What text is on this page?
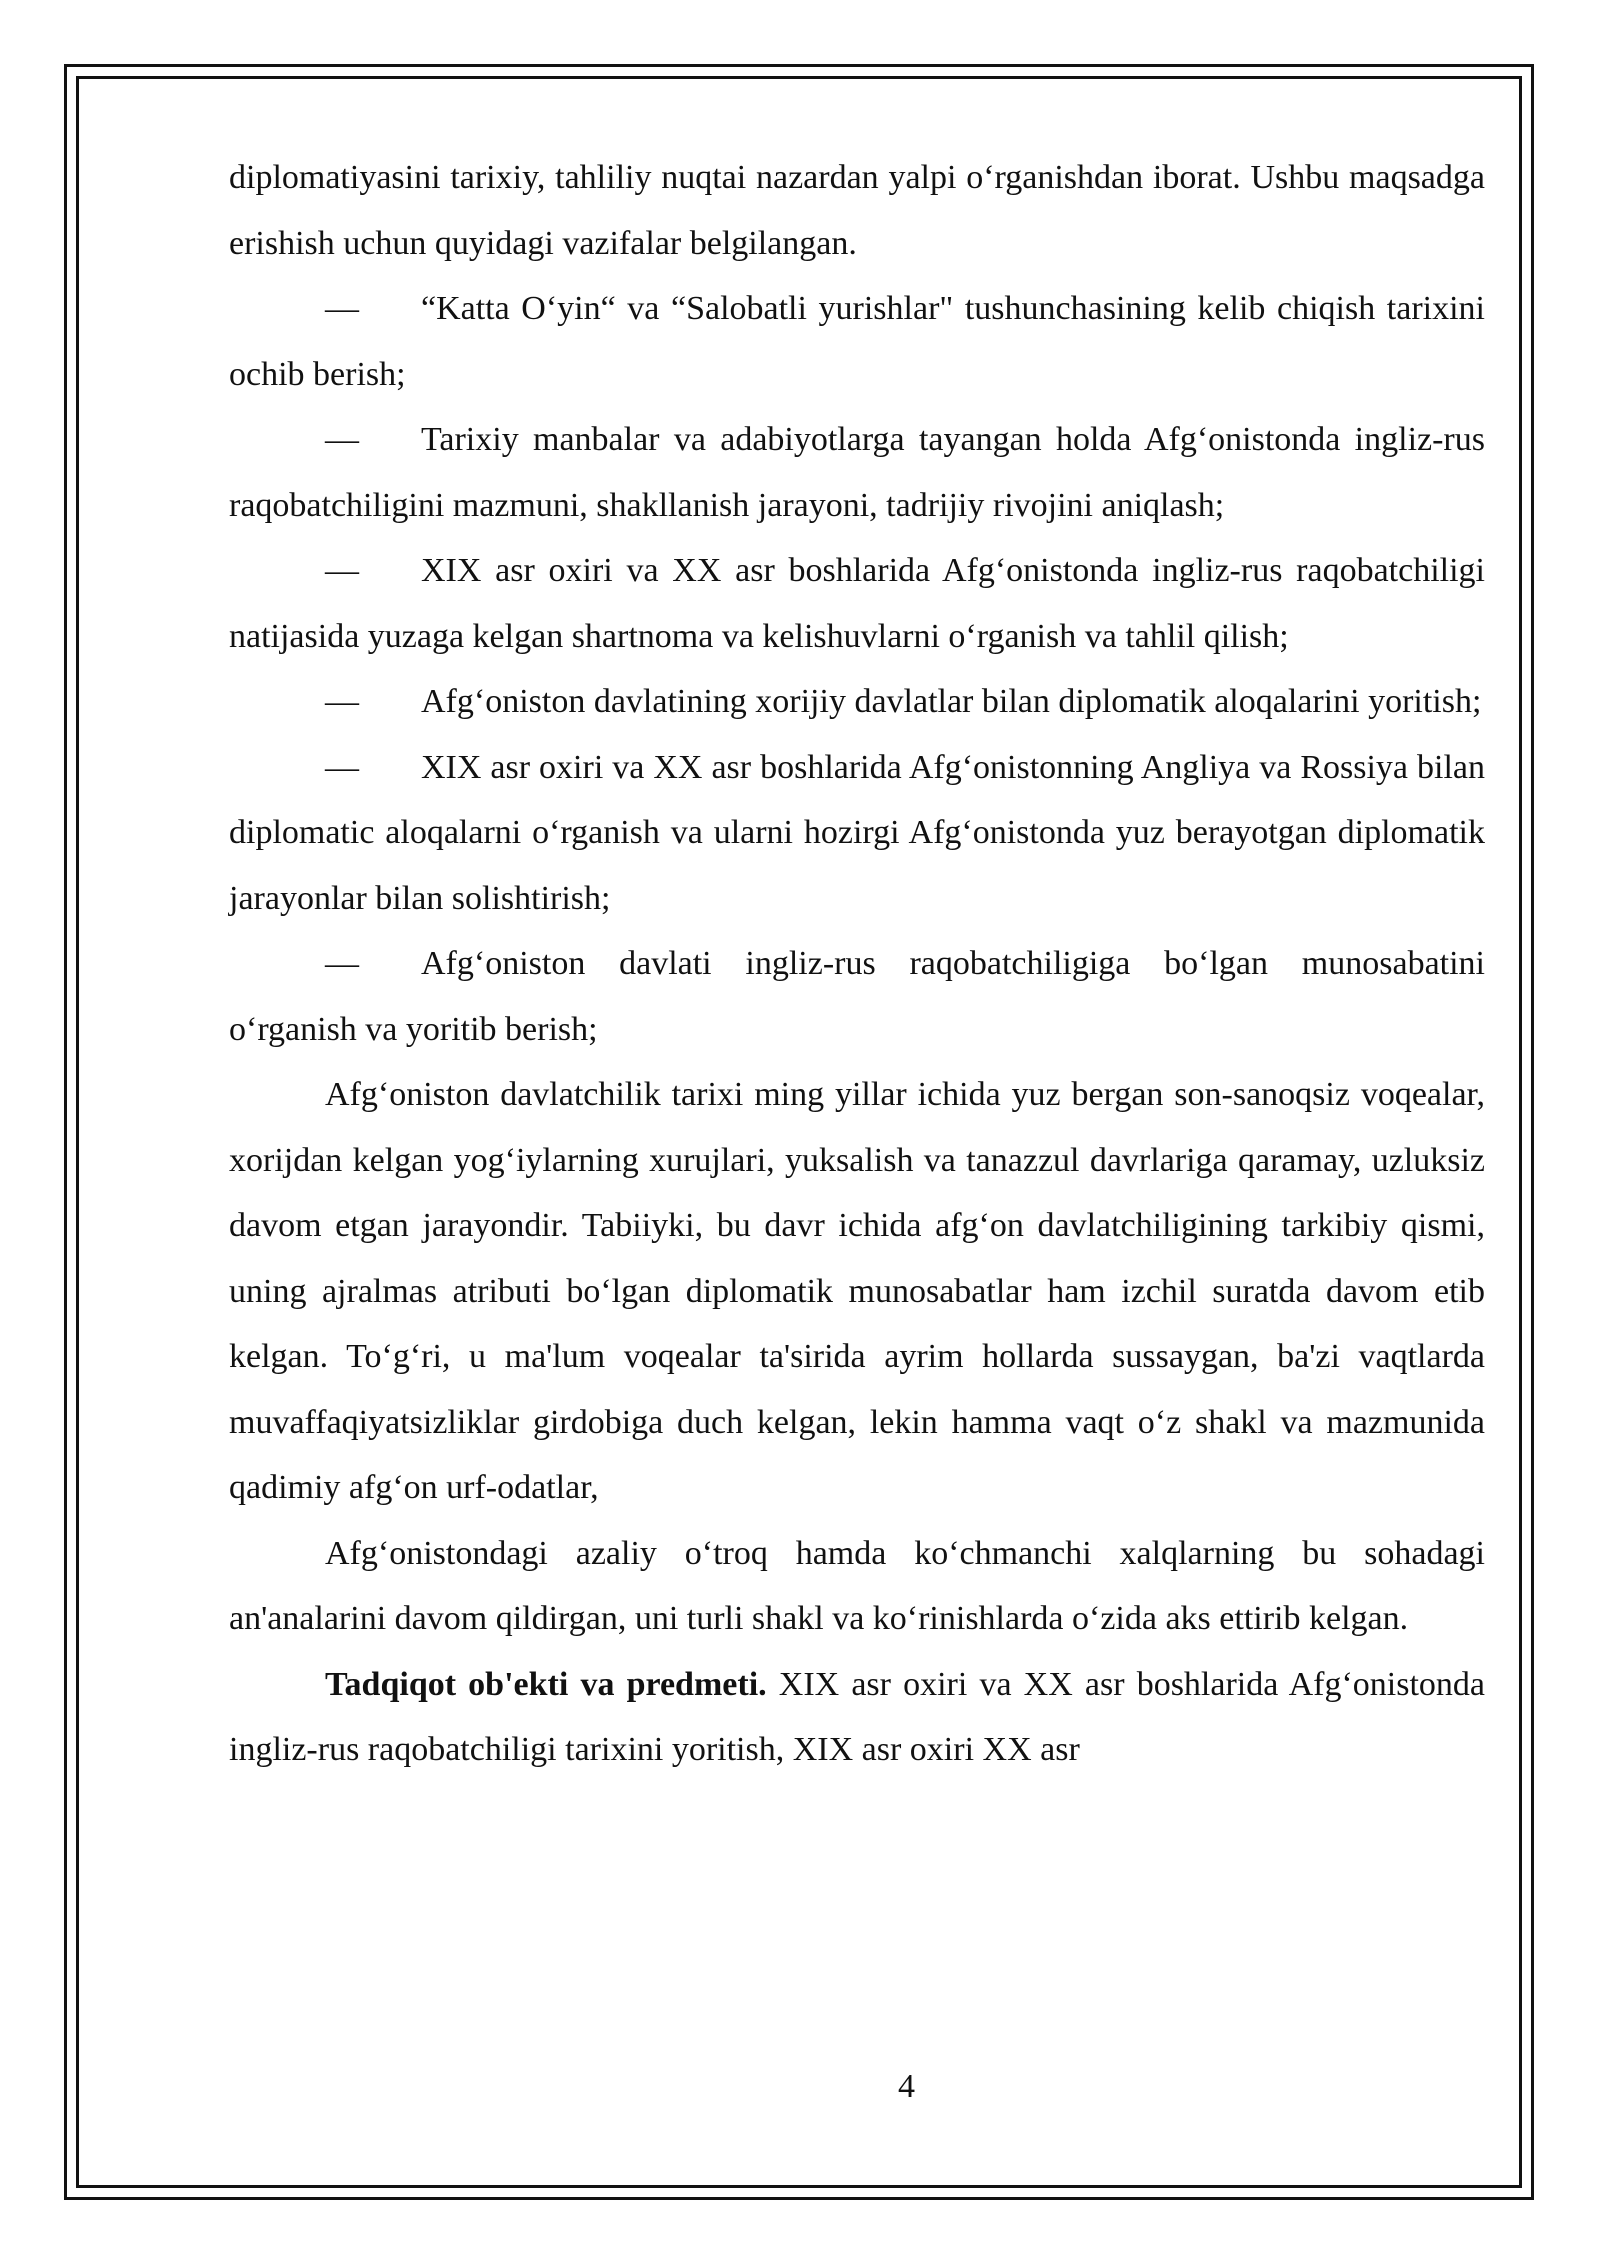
diplomatiyasini tarixiy, tahliliy nuqtai nazardan yalpi o‘rganishdan iborat. Ushbu maqsadga erishish uchun quyidagi vazifalar belgilangan.

— “Katta O‘yin“ va “Salobatli yurishlar" tushunchasining kelib chiqish tarixini ochib berish;

— Tarixiy manbalar va adabiyotlarga tayangan holda Afg‘onistonda ingliz-rus raqobatchiligini mazmuni, shakllanish jarayoni, tadrijiy rivojini aniqlash;

— XIX asr oxiri va XX asr boshlarida Afg‘onistonda ingliz-rus raqobatchiligi natijasida yuzaga kelgan shartnoma va kelishuvlarni o‘rganish va tahlil qilish;

— Afg‘oniston davlatining xorijiy davlatlar bilan diplomatik aloqalarini yoritish;

— XIX asr oxiri va XX asr boshlarida Afg‘onistonning Angliya va Rossiya bilan diplomatic aloqalarni o‘rganish va ularni hozirgi Afg‘onistonda yuz berayotgan diplomatik jarayonlar bilan solishtirish;

— Afg‘oniston davlati ingliz-rus raqobatchiligiga bo‘lgan munosabatini o‘rganish va yoritib berish;

Afg‘oniston davlatchilik tarixi ming yillar ichida yuz bergan son-sanoqsiz voqealar, xorijdan kelgan yog‘iylarning xurujlari, yuksalish va tanazzul davrlariga qaramay, uzluksiz davom etgan jarayondir. Tabiiyki, bu davr ichida afg‘on davlatchiligining tarkibiy qismi, uning ajralmas atributi bo‘lgan diplomatik munosabatlar ham izchil suratda davom etib kelgan. To‘g‘ri, u ma'lum voqealar ta'sirida ayrim hollarda sussaygan, ba'zi vaqtlarda muvaffaqiyatsizliklar girdobiga duch kelgan, lekin hamma vaqt o‘z shakl va mazmunida qadimiy afg‘on urf-odatlar,

Afg‘onistondagi azaliy o‘troq hamda ko‘chmanchi xalqlarning bu sohadagi an'analarini davom qildirgan, uni turli shakl va ko‘rinishlarda o‘zida aks ettirib kelgan.

Tadqiqot ob'ekti va predmeti. XIX asr oxiri va XX asr boshlarida Afg‘onistonda ingliz-rus raqobatchiligi tarixini yoritish, XIX asr oxiri XX asr

4
